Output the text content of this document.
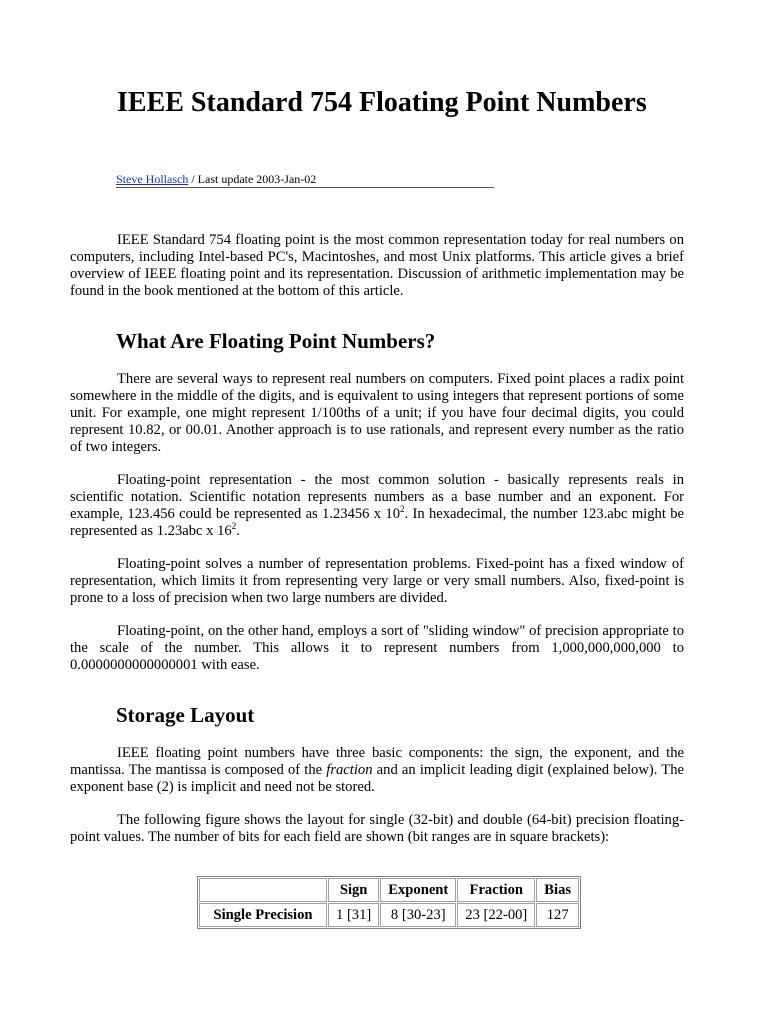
IEEE Standard 754 Floating Point Numbers
Steve Hollasch / Last update 2003-Jan-02

IEEE Standard 754 floating point is the most common representation today for real numbers on computers, including Intel-based PC's, Macintoshes, and most Unix platforms. This article gives a brief overview of IEEE floating point and its representation. Discussion of arithmetic implementation may be found in the book mentioned at the bottom of this article.

What Are Floating Point Numbers?

There are several ways to represent real numbers on computers. Fixed point places a radix point somewhere in the middle of the digits, and is equivalent to using integers that represent portions of some unit. For example, one might represent 1/100ths of a unit; if you have four decimal digits, you could represent 10.82, or 00.01. Another approach is to use rationals, and represent every number as the ratio of two integers.

Floating-point representation - the most common solution - basically represents reals in scientific notation. Scientific notation represents numbers as a base number and an exponent. For example, 123.456 could be represented as 1.23456 x $10^2$. In hexadecimal, the number 123.abc might be represented as 1.23abc x $16^2$.

Floating-point solves a number of representation problems. Fixed-point has a fixed window of representation, which limits it from representing very large or very small numbers. Also, fixed-point is prone to a loss of precision when two large numbers are divided.

Floating-point, on the other hand, employs a sort of "sliding window" of precision appropriate to the scale of the number. This allows it to represent numbers from 1,000,000,000,000 to 0.0000000000000001 with ease.

Storage Layout

IEEE floating point numbers have three basic components: the sign, the exponent, and the mantissa. The mantissa is composed of the fraction and an implicit leading digit (explained below). The exponent base (2) is implicit and need not be stored.

The following figure shows the layout for single (32-bit) and double (64-bit) precision floating-point values. The number of bits for each field are shown (bit ranges are in square brackets):

	Sign	Exponent	Fraction	Bias
Single Precision	1 [31]	8 [30-23]	23 [22-00]	127
